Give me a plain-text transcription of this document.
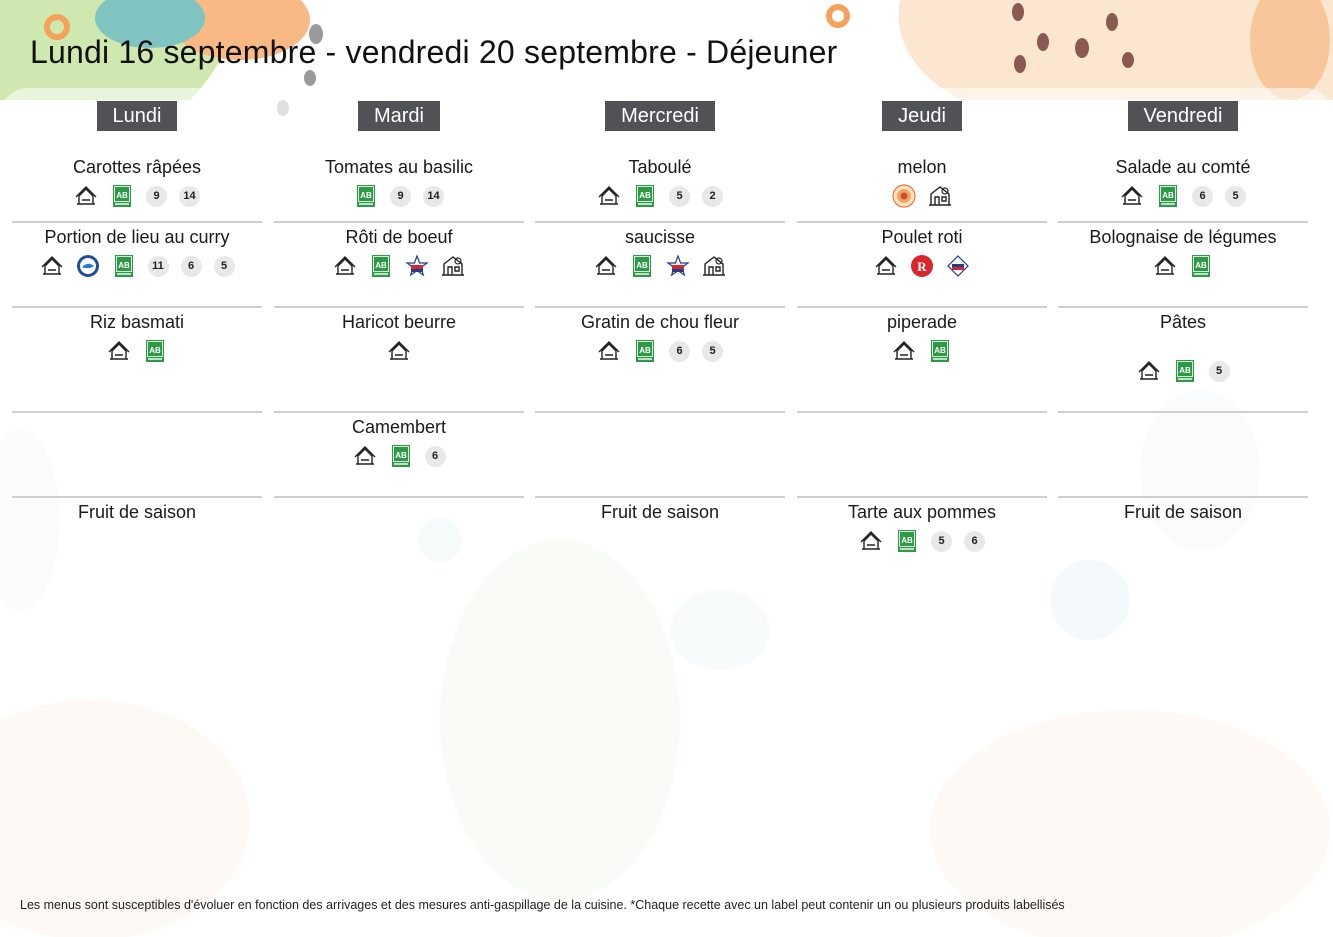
Lundi 16 septembre - vendredi 20 septembre - Déjeuner
Lundi
Carottes râpées
AB	9	14
Portion de lieu au curry
AB	11	6	5
Riz basmati
AB
Fruit de saison
Mardi
Tomates au basilic
AB	9	14
Rôti de boeuf
AB
Haricot beurre
Camembert
AB	6
Mercredi
Taboulé
AB	5	2
saucisse
AB
Gratin de chou fleur
AB	6	5
Fruit de saison
Jeudi
melon
Poulet roti
R
piperade
AB
Tarte aux pommes
AB	5	6
Vendredi
Salade au comté
AB	6	5
Bolognaise de légumes
AB
Pâtes
AB	5
Fruit de saison
Les menus sont susceptibles d'évoluer en fonction des arrivages et des mesures anti-gaspillage de la cuisine. *Chaque recette avec un label peut contenir un ou plusieurs produits labellisés
